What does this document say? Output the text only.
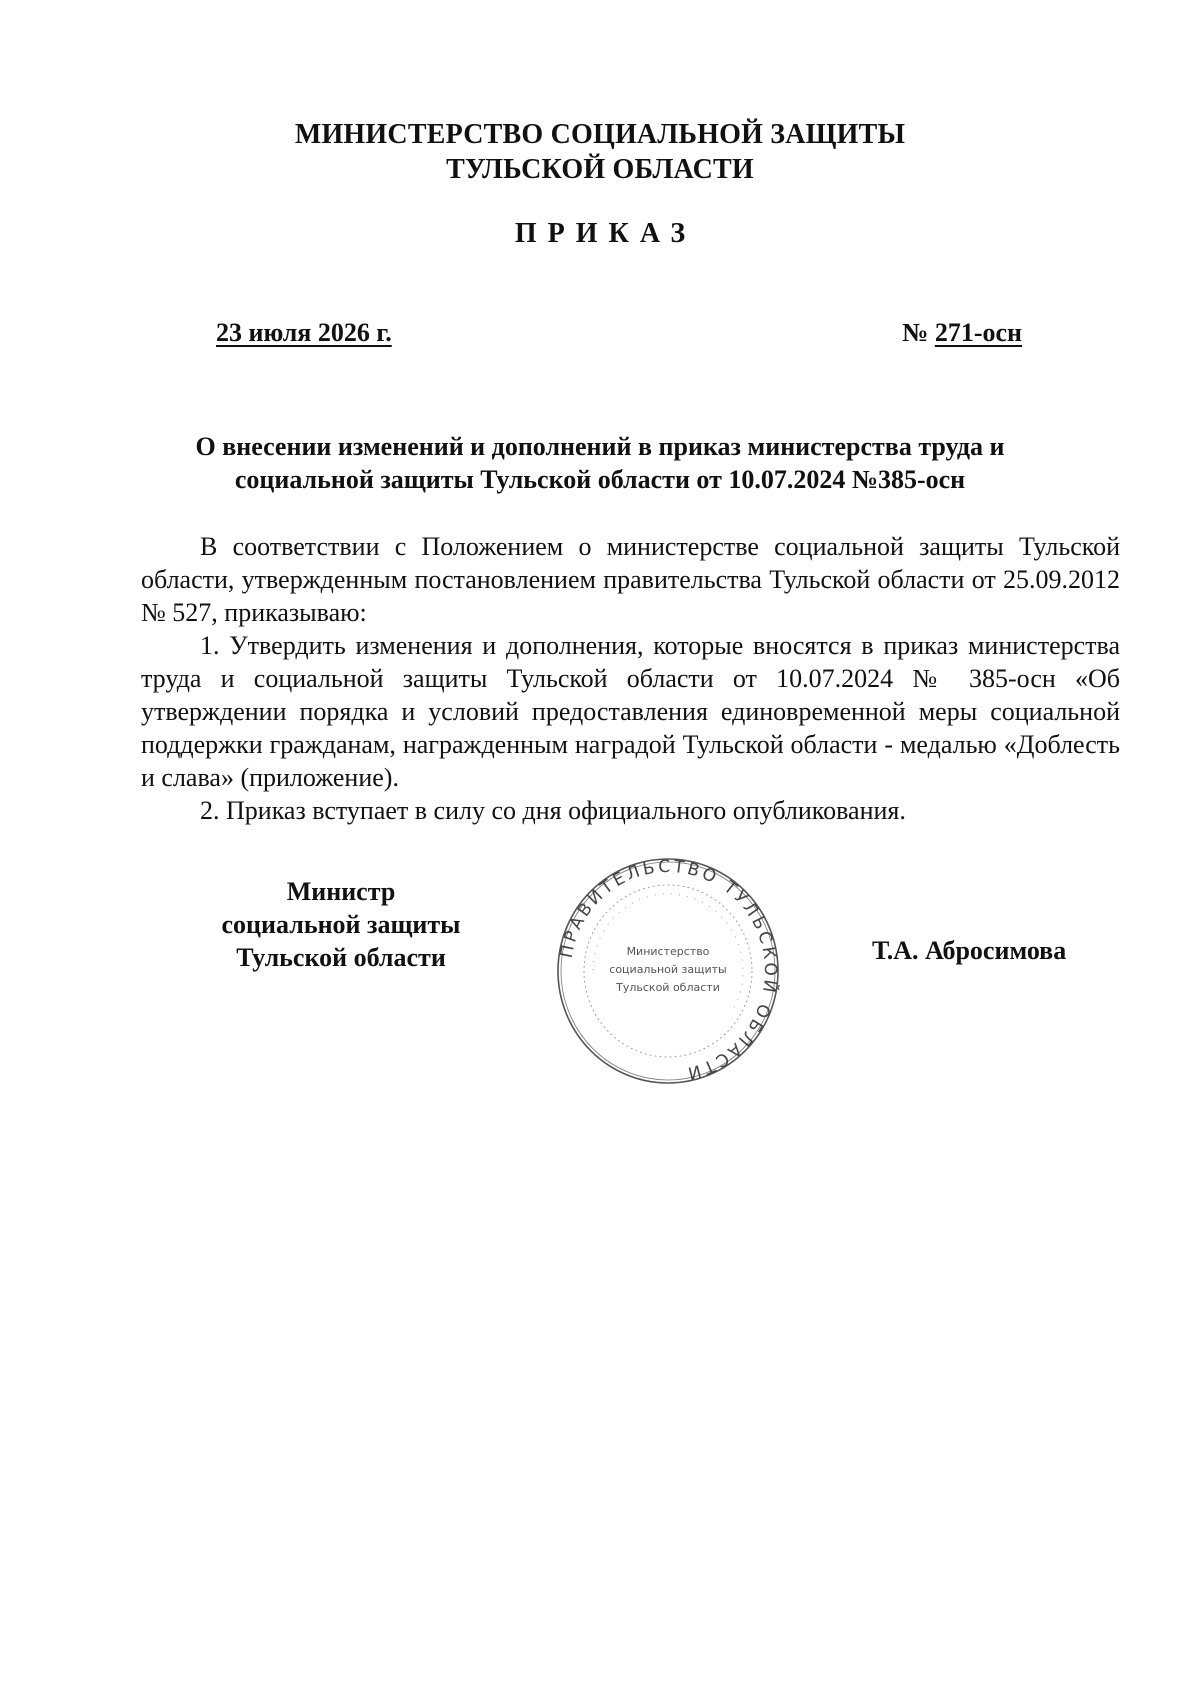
МИНИСТЕРСТВО СОЦИАЛЬНОЙ ЗАЩИТЫ
ТУЛЬСКОЙ ОБЛАСТИ
ПРИКАЗ
23 июля 2026 г.	№ 271-осн
О внесении изменений и дополнений в приказ министерства труда и
социальной защиты Тульской области от 10.07.2024 №385-осн

В соответствии с Положением о министерстве социальной защиты Тульской области, утвержденным постановлением правительства Тульской области от 25.09.2012 № 527, приказываю:

1. Утвердить изменения и дополнения, которые вносятся в приказ министерства труда и социальной защиты Тульской области от 10.07.2024 № 385-осн «Об утверждении порядка и условий предоставления единовременной меры социальной поддержки гражданам, награжденным наградой Тульской области - медалью «Доблесть и слава» (приложение).

2. Приказ вступает в силу со дня официального опубликования.

Министр
социальной защиты
Тульской области	ПРАВИТЕЛЬСТВО ТУЛЬСКОЙ ОБЛАСТИ
· · · · · · · · · · · · · · · · · · · · · · · · · · · · · · · · · · ·
Министерство
социальной защиты
Тульской области
Т.А. Абросимова
